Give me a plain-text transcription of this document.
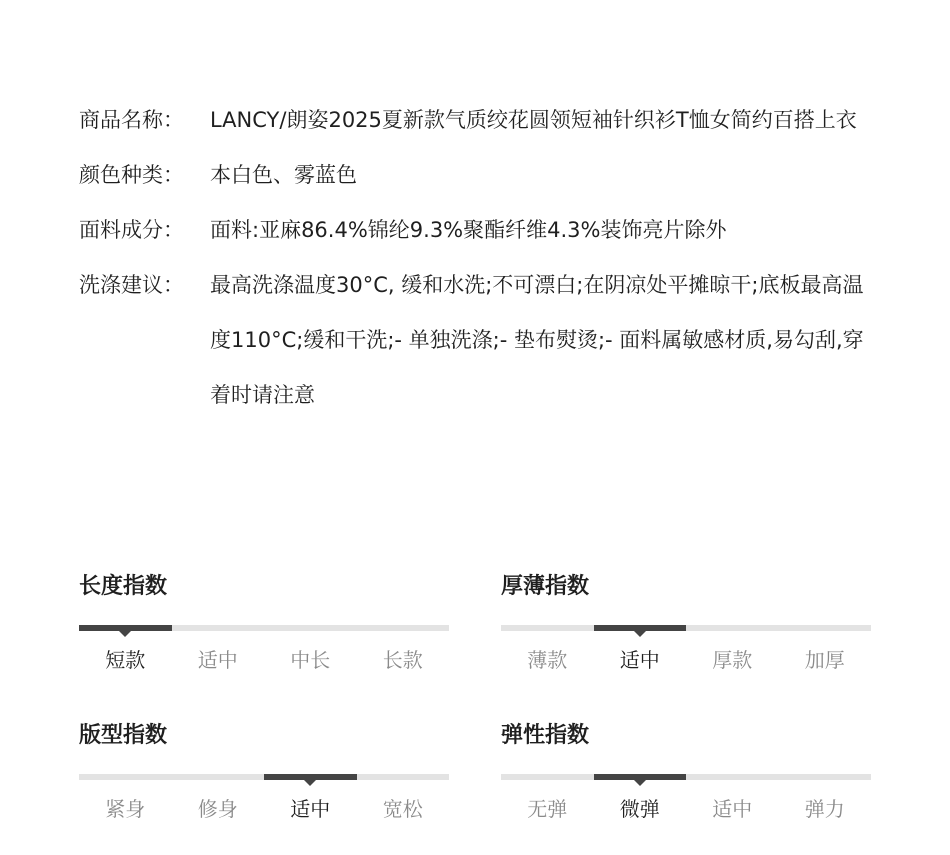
商品名称：	LANCY/朗姿2025夏新款气质绞花圆领短袖针织衫T恤女简约百搭上衣
颜色种类：	本白色、雾蓝色
面料成分：	面料:亚麻86.4%锦纶9.3%聚酯纤维4.3%装饰亮片除外
洗涤建议：	最高洗涤温度30°C, 缓和水洗;不可漂白;在阴凉处平摊晾干;底板最高温度110°C;缓和干洗;- 单独洗涤;- 垫布熨烫;- 面料属敏感材质,易勾刮,穿着时请注意
长度指数
短款	适中	中长	长款
厚薄指数
薄款	适中	厚款	加厚
版型指数
紧身	修身	适中	宽松
弹性指数
无弹	微弹	适中	弹力
